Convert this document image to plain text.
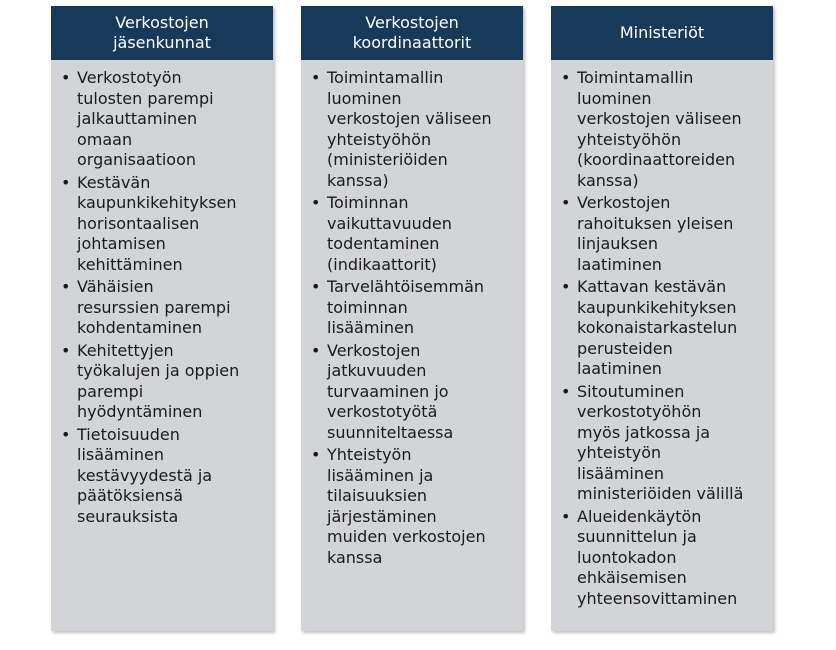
Verkostojen
jäsenkunnat
• Verkostotyön
tulosten parempi
jalkauttaminen
omaan
organisaatioon
• Kestävän
kaupunkikehityksen
horisontaalisen
johtamisen
kehittäminen
• Vähäisien
resurssien parempi
kohdentaminen
• Kehitettyjen
työkalujen ja oppien
parempi
hyödyntäminen
• Tietoisuuden
lisääminen
kestävyydestä ja
päätöksiensä
seurauksista
Verkostojen
koordinaattorit
• Toimintamallin
luominen
verkostojen väliseen
yhteistyöhön
(ministeriöiden
kanssa)
• Toiminnan
vaikuttavuuden
todentaminen
(indikaattorit)
• Tarvelähtöisemmän
toiminnan
lisääminen
• Verkostojen
jatkuvuuden
turvaaminen jo
verkostotyötä
suunniteltaessa
• Yhteistyön
lisääminen ja
tilaisuuksien
järjestäminen
muiden verkostojen
kanssa
Ministeriöt
• Toimintamallin
luominen
verkostojen väliseen
yhteistyöhön
(koordinaattoreiden
kanssa)
• Verkostojen
rahoituksen yleisen
linjauksen
laatiminen
• Kattavan kestävän
kaupunkikehityksen
kokonaistarkastelun
perusteiden
laatiminen
• Sitoutuminen
verkostotyöhön
myös jatkossa ja
yhteistyön
lisääminen
ministeriöiden välillä
• Alueidenkäytön
suunnittelun ja
luontokadon
ehkäisemisen
yhteensovittaminen
